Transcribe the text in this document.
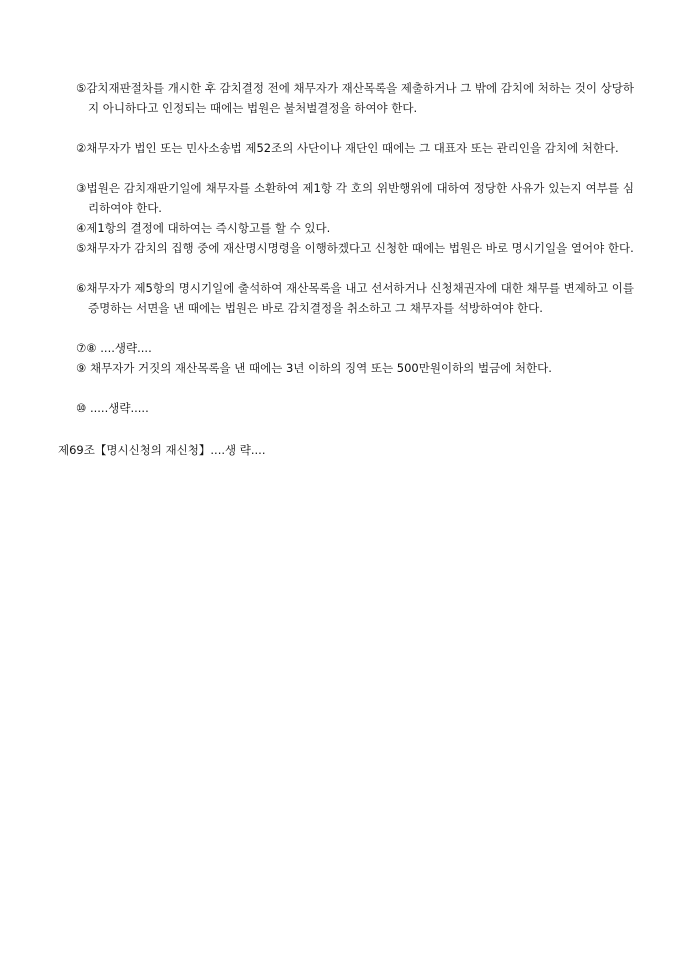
⑤감치재판절차를 개시한 후 감치결정 전에 채무자가 재산목록을 제출하거나 그 밖에 감치에 처하는 것이 상당하지 아니하다고 인정되는 때에는 법원은 불처벌결정을 하여야 한다.

②채무자가 법인 또는 민사소송법 제52조의 사단이나 재단인 때에는 그 대표자 또는 관리인을 감치에 처한다.

③법원은 감치재판기일에 채무자를 소환하여 제1항 각 호의 위반행위에 대하여 정당한 사유가 있는지 여부를 심리하여야 한다.

④제1항의 결정에 대하여는 즉시항고를 할 수 있다.

⑤채무자가 감치의 집행 중에 재산명시명령을 이행하겠다고 신청한 때에는 법원은 바로 명시기일을 열어야 한다.

⑥채무자가 제5항의 명시기일에 출석하여 재산목록을 내고 선서하거나 신청채권자에 대한 채무를 변제하고 이를 증명하는 서면을 낸 때에는 법원은 바로 감치결정을 취소하고 그 채무자를 석방하여야 한다.

⑦⑧ ....생략....

⑨ 채무자가 거짓의 재산목록을 낸 때에는 3년 이하의 징역 또는 500만원이하의 벌금에 처한다.

⑩ .....생략.....

제69조【명시신청의 재신청】....생 략....
